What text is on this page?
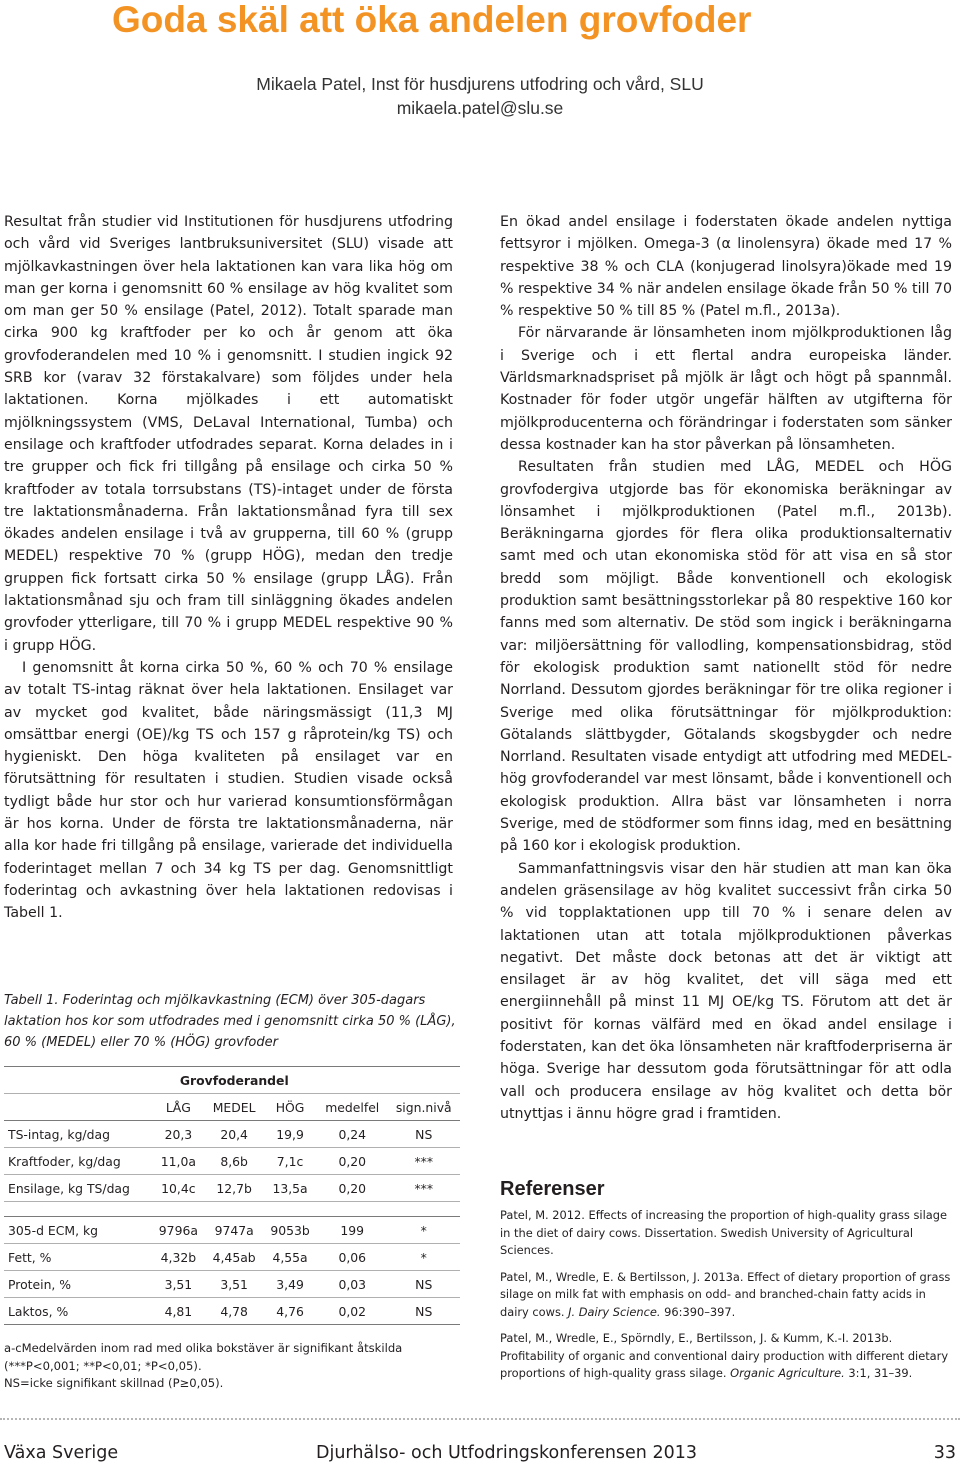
Goda skäl att öka andelen grovfoder
Mikaela Patel, Inst för husdjurens utfodring och vård, SLU
mikaela.patel@slu.se

Resultat från studier vid Institutionen för husdjurens utfodring och vård vid Sveriges lantbruksuniversitet (SLU) visade att mjölkavkastningen över hela laktationen kan vara lika hög om man ger korna i genomsnitt 60 % ensilage av hög kvalitet som om man ger 50 % ensilage (Patel, 2012). Totalt sparade man cirka 900 kg kraftfoder per ko och år genom att öka grovfoderandelen med 10 % i genomsnitt. I studien ingick 92 SRB kor (varav 32 förstakalvare) som följdes under hela laktationen. Korna mjölkades i ett automatiskt mjölkningssystem (VMS, DeLaval International, Tumba) och ensilage och kraftfoder utfodrades separat. Korna delades in i tre grupper och fick fri tillgång på ensilage och cirka 50 % kraftfoder av totala torrsubstans (TS)-intaget under de första tre laktationsmånaderna. Från laktationsmånad fyra till sex ökades andelen ensilage i två av grupperna, till 60 % (grupp MEDEL) respektive 70 % (grupp HÖG), medan den tredje gruppen fick fortsatt cirka 50 % ensilage (grupp LÅG). Från laktationsmånad sju och fram till sinläggning ökades andelen grovfoder ytterligare, till 70 % i grupp MEDEL respektive 90 % i grupp HÖG.

I genomsnitt åt korna cirka 50 %, 60 % och 70 % ensilage av totalt TS-intag räknat över hela laktationen. Ensilaget var av mycket god kvalitet, både näringsmässigt (11,3 MJ omsättbar energi (OE)/kg TS och 157 g råprotein/kg TS) och hygieniskt. Den höga kvaliteten på ensilaget var en förutsättning för resultaten i studien. Studien visade också tydligt både hur stor och hur varierad konsumtionsförmågan är hos korna. Under de första tre laktationsmånaderna, när alla kor hade fri tillgång på ensilage, varierade det individuella foderintaget mellan 7 och 34 kg TS per dag. Genomsnittligt foderintag och avkastning över hela laktationen redovisas i Tabell 1.

Tabell 1. Foderintag och mjölkavkastning (ECM) över 305-dagars laktation hos kor som utfodrades med i genomsnitt cirka 50 % (LÅG), 60 % (MEDEL) eller 70 % (HÖG) grovfoder

	Grovfoderandel				
	LÅG	MEDEL	HÖG	medelfel	sign.nivå
TS-intag, kg/dag	20,3	20,4	19,9	0,24	NS
Kraftfoder, kg/dag	11,0a	8,6b	7,1c	0,20	***
Ensilage, kg TS/dag	10,4c	12,7b	13,5a	0,20	***

305-d ECM, kg	9796a	9747a	9053b	199	*
Fett, %	4,32b	4,45ab	4,55a	0,06	*
Protein, %	3,51	3,51	3,49	0,03	NS
Laktos, %	4,81	4,78	4,76	0,02	NS
a-cMedelvärden inom rad med olika bokstäver är signifikant åtskilda
(***P<0,001; **P<0,01; *P<0,05).
NS=icke signifikant skillnad (P≥0,05).

En ökad andel ensilage i foderstaten ökade andelen nyttiga fettsyror i mjölken. Omega-3 (α linolensyra) ökade med 17 % respektive 38 % och CLA (konjugerad linolsyra)ökade med 19 % respektive 34 % när andelen ensilage ökade från 50 % till 70 % respektive 50 % till 85 % (Patel m.fl., 2013a).

För närvarande är lönsamheten inom mjölkproduktionen låg i Sverige och i ett flertal andra europeiska länder. Världsmarknadspriset på mjölk är lågt och högt på spannmål. Kostnader för foder utgör ungefär hälften av utgifterna för mjölkproducenterna och förändringar i foderstaten som sänker dessa kostnader kan ha stor påverkan på lönsamheten.

Resultaten från studien med LÅG, MEDEL och HÖG grovfodergiva utgjorde bas för ekonomiska beräkningar av lönsamhet i mjölkproduktionen (Patel m.fl., 2013b). Beräkningarna gjordes för flera olika produktionsalternativ samt med och utan ekonomiska stöd för att visa en så stor bredd som möjligt. Både konventionell och ekologisk produktion samt besättningsstorlekar på 80 respektive 160 kor fanns med som alternativ. De stöd som ingick i beräkningarna var: miljöersättning för vallodling, kompensationsbidrag, stöd för ekologisk produktion samt nationellt stöd för nedre Norrland. Dessutom gjordes beräkningar för tre olika regioner i Sverige med olika förutsättningar för mjölkproduktion: Götalands slättbygder, Götalands skogsbygder och nedre Norrland. Resultaten visade entydigt att utfodring med MEDEL-hög grovfoderandel var mest lönsamt, både i konventionell och ekologisk produktion. Allra bäst var lönsamheten i norra Sverige, med de stödformer som finns idag, med en besättning på 160 kor i ekologisk produktion.

Sammanfattningsvis visar den här studien att man kan öka andelen gräsensilage av hög kvalitet successivt från cirka 50 % vid topplaktationen upp till 70 % i senare delen av laktationen utan att totala mjölkproduktionen påverkas negativt. Det måste dock betonas att det är viktigt att ensilaget är av hög kvalitet, det vill säga med ett energiinnehåll på minst 11 MJ OE/kg TS. Förutom att det är positivt för kornas välfärd med en ökad andel ensilage i foderstaten, kan det öka lönsamheten när kraftfoderpriserna är höga. Sverige har dessutom goda förutsättningar för att odla vall och producera ensilage av hög kvalitet och detta bör utnyttjas i ännu högre grad i framtiden.

Referenser

Patel, M. 2012. Effects of increasing the proportion of high-quality grass silage in the diet of dairy cows. Dissertation. Swedish University of Agricultural Sciences.

Patel, M., Wredle, E. & Bertilsson, J. 2013a. Effect of dietary proportion of grass silage on milk fat with emphasis on odd- and branched-chain fatty acids in dairy cows. J. Dairy Science. 96:390–397.

Patel, M., Wredle, E., Spörndly, E., Bertilsson, J. & Kumm, K.-I. 2013b. Profitability of organic and conventional dairy production with different dietary proportions of high-quality grass silage. Organic Agriculture. 3:1, 31–39.

Växa Sverige	Djurhälso- och Utfodringskonferensen 2013	33
